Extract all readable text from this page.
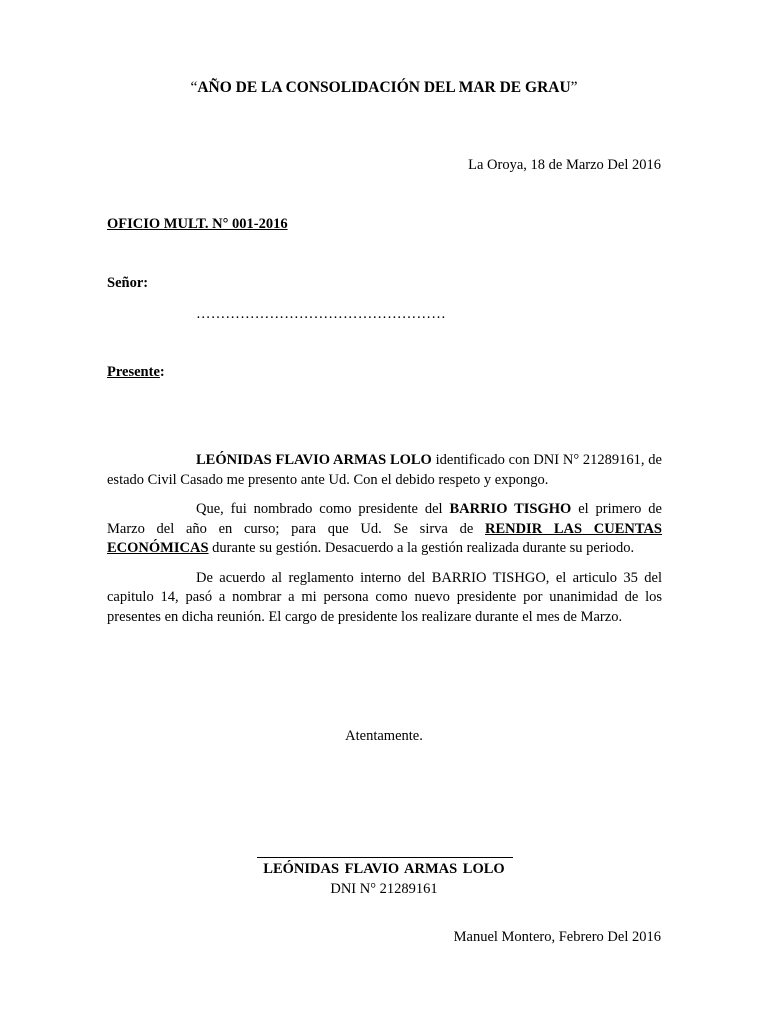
“AÑO DE LA CONSOLIDACIÓN DEL MAR DE GRAU”
La Oroya, 18 de Marzo Del 2016
OFICIO MULT. N° 001-2016
Señor:
……………………………………………
Presente:

LEÓNIDAS FLAVIO ARMAS LOLO identificado con DNI N° 21289161, de estado Civil Casado me presento ante Ud. Con el debido respeto y expongo.

Que, fui nombrado como presidente del BARRIO TISGHO el primero de Marzo del año en curso; para que Ud. Se sirva de RENDIR LAS CUENTAS ECONÓMICAS durante su gestión. Desacuerdo a la gestión realizada durante su periodo.

De acuerdo al reglamento interno del BARRIO TISHGO, el articulo 35 del capitulo 14, pasó a nombrar a mi persona como nuevo presidente por unanimidad de los presentes en dicha reunión. El cargo de presidente los realizare durante el mes de Marzo.

Atentamente.
LEÓNIDAS FLAVIO ARMAS LOLO
DNI N° 21289161
Manuel Montero, Febrero Del 2016
